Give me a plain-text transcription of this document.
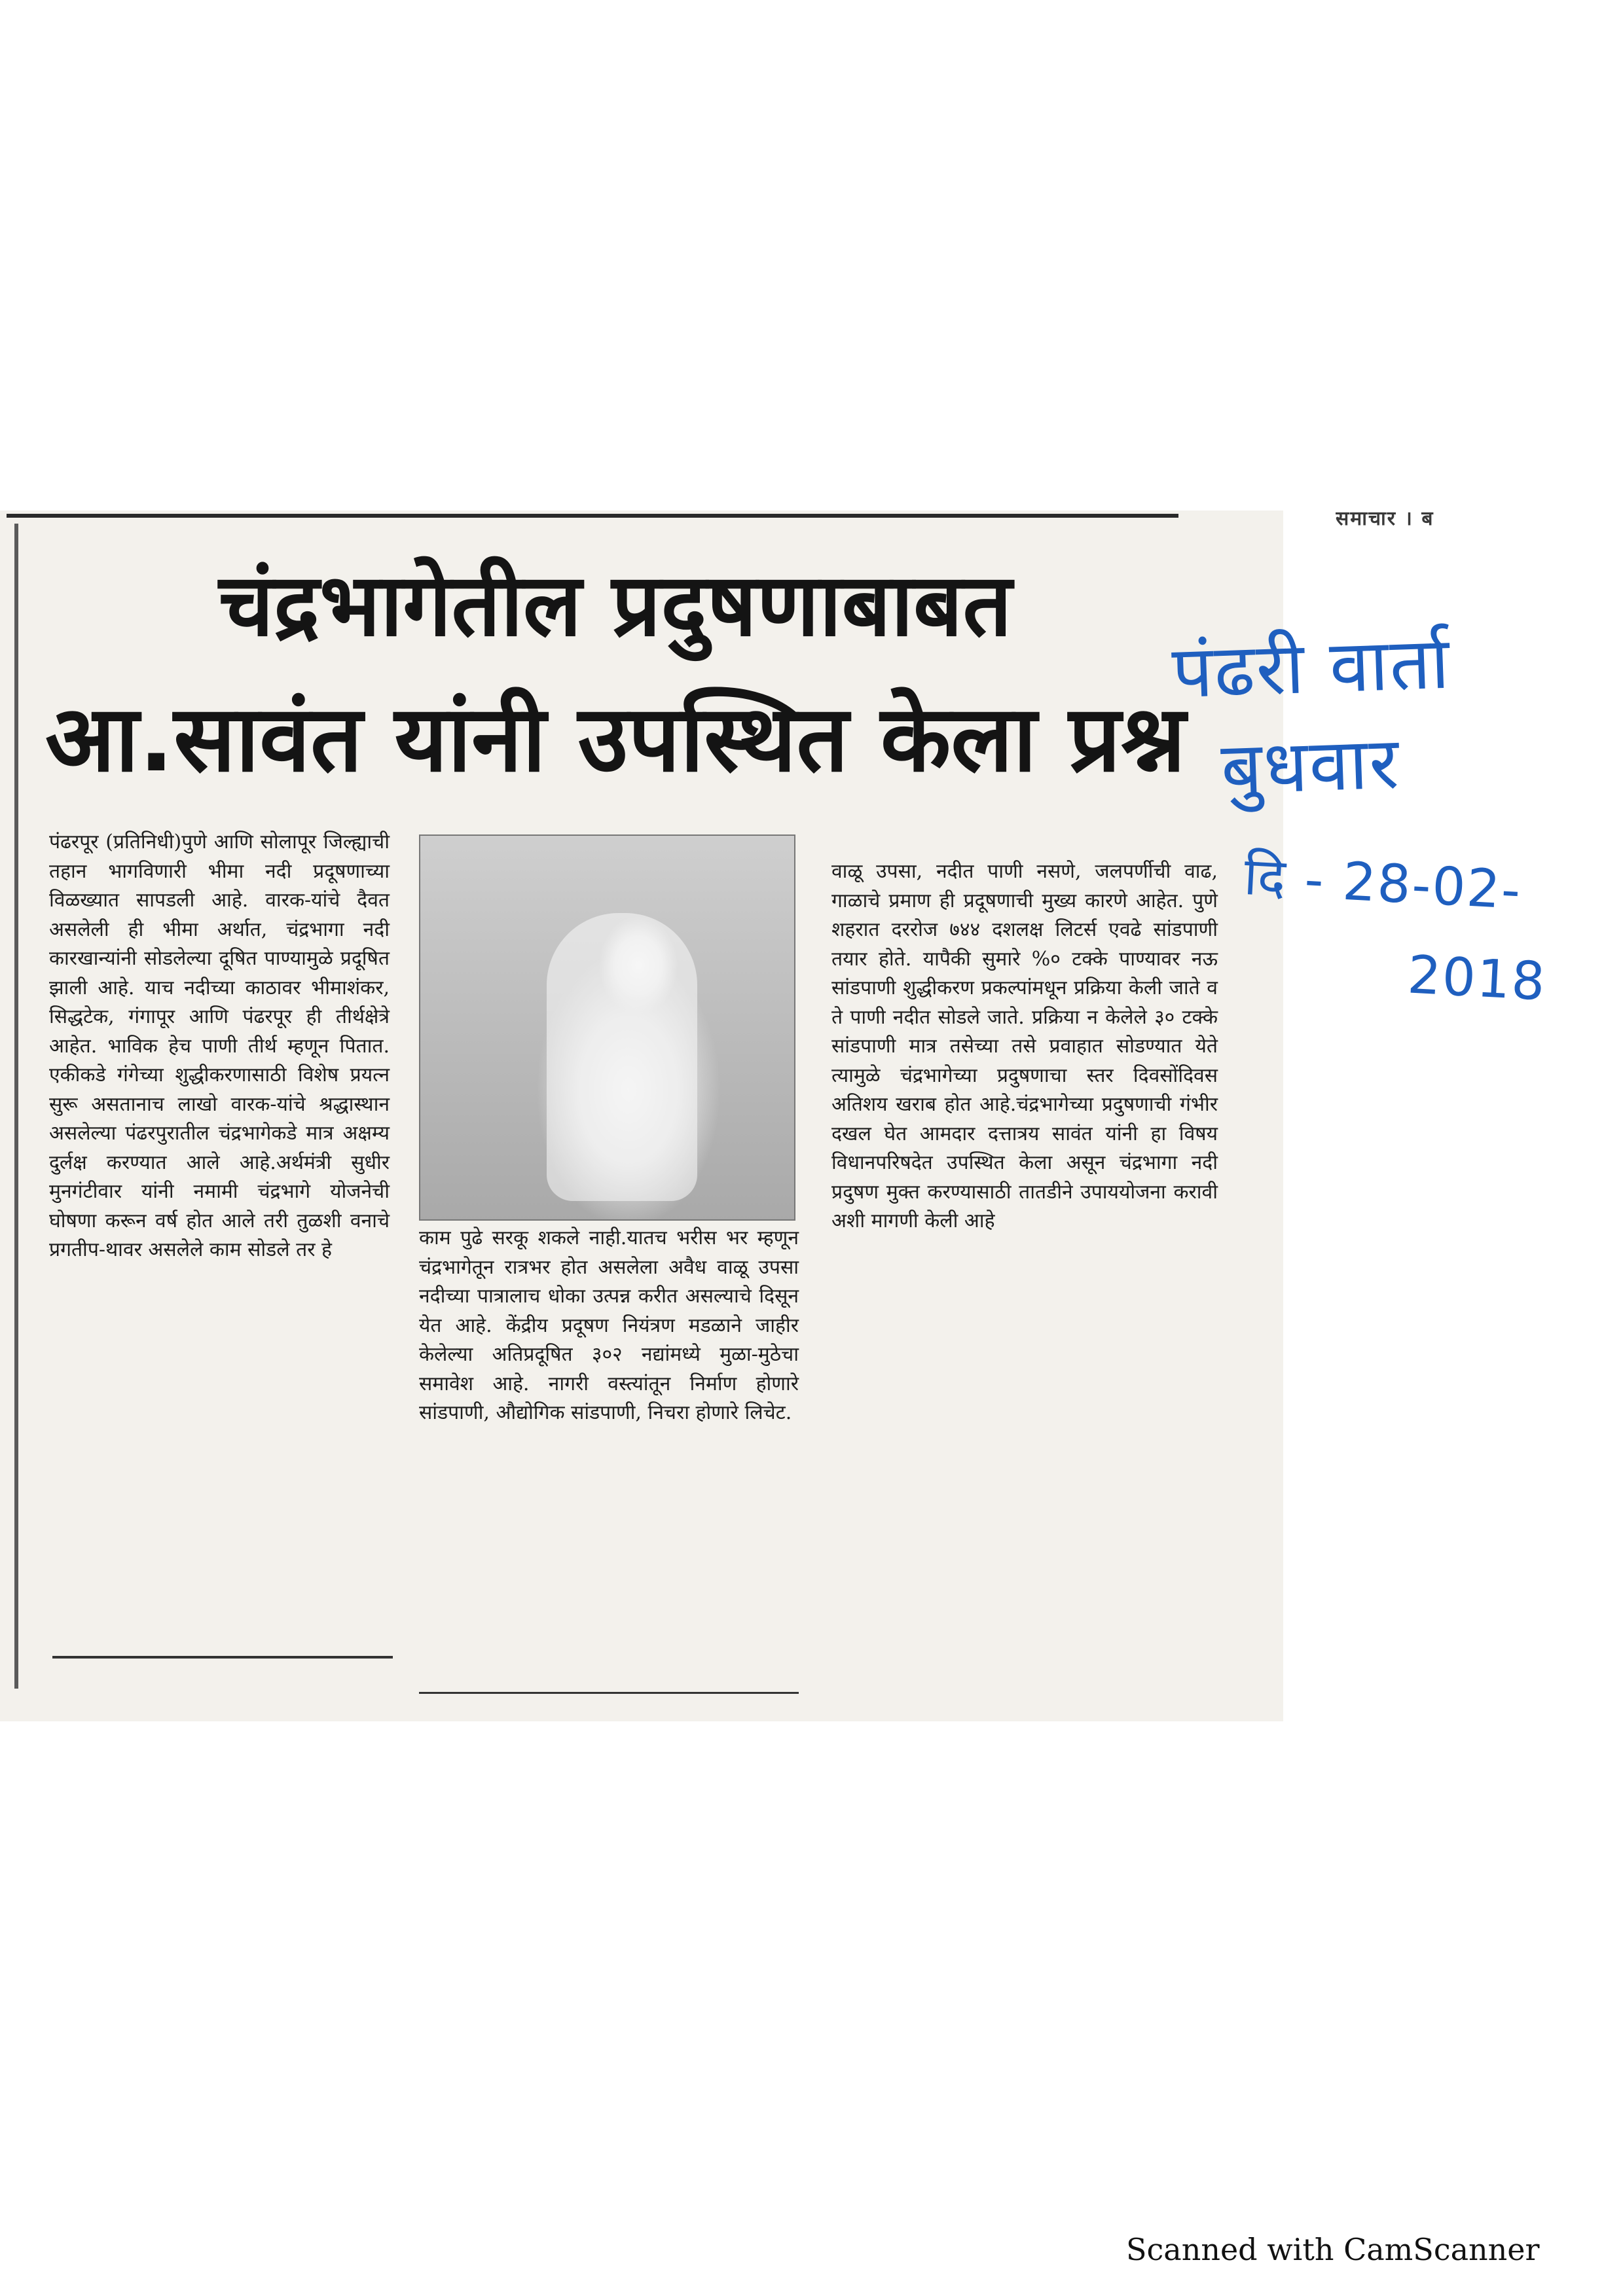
समाचार । ब
चंद्रभागेतील प्रदुषणाबाबत
आ.सावंत यांनी उपस्थित केला प्रश्न

पंढरपूर (प्रतिनिधी)पुणे आणि सोलापूर जिल्ह्याची तहान भागविणारी भीमा नदी प्रदूषणाच्या विळख्यात सापडली आहे. वारक-यांचे दैवत असलेली ही भीमा अर्थात, चंद्रभागा नदी कारखान्यांनी सोडलेल्या दूषित पाण्यामुळे प्रदूषित झाली आहे. याच नदीच्या काठावर भीमाशंकर, सिद्धटेक, गंगापूर आणि पंढरपूर ही तीर्थक्षेत्रे आहेत. भाविक हेच पाणी तीर्थ म्हणून पितात. एकीकडे गंगेच्या शुद्धीकरणासाठी विशेष प्रयत्न सुरू असतानाच लाखो वारक-यांचे श्रद्धास्थान असलेल्या पंढरपुरातील चंद्रभागेकडे मात्र अक्षम्य दुर्लक्ष करण्यात आले आहे.अर्थमंत्री सुधीर मुनगंटीवार यांनी नमामी चंद्रभागे योजनेची घोषणा करून वर्ष होत आले तरी तुळशी वनाचे प्रगतीप-थावर असलेले काम सोडले तर हे

काम पुढे सरकू शकले नाही.यातच भरीस भर म्हणून चंद्रभागेतून रात्रभर होत असलेला अवैध वाळू उपसा नदीच्या पात्रालाच धोका उत्पन्न करीत असल्याचे दिसून येत आहे. केंद्रीय प्रदूषण नियंत्रण मडळाने जाहीर केलेल्या अतिप्रदूषित ३०२ नद्यांमध्ये मुळा-मुठेचा समावेश आहे. नागरी वस्त्यांतून निर्माण होणारे सांडपाणी, औद्योगिक सांडपाणी, निचरा होणारे लिचेट.

वाळू उपसा, नदीत पाणी नसणे, जलपर्णीची वाढ, गाळाचे प्रमाण ही प्रदूषणाची मुख्य कारणे आहेत. पुणे शहरात दररोज ७४४ दशलक्ष लिटर्स एवढे सांडपाणी तयार होते. यापैकी सुमारे %० टक्के पाण्यावर नऊ सांडपाणी शुद्धीकरण प्रकल्पांमधून प्रक्रिया केली जाते व ते पाणी नदीत सोडले जाते. प्रक्रिया न केलेले ३० टक्के सांडपाणी मात्र तसेच्या तसे प्रवाहात सोडण्यात येते त्यामुळे चंद्रभागेच्या प्रदुषणाचा स्तर दिवसोंदिवस अतिशय खराब होत आहे.चंद्रभागेच्या प्रदुषणाची गंभीर दखल घेत आमदार दत्तात्रय सावंत यांनी हा विषय विधानपरिषदेत उपस्थित केला असून चंद्रभागा नदी प्रदुषण मुक्त करण्यासाठी तातडीने उपाययोजना करावी अशी मागणी केली आहे

पंढरी वार्ता

बुधवार

दि - 28-02-

2018

Scanned with CamScanner
